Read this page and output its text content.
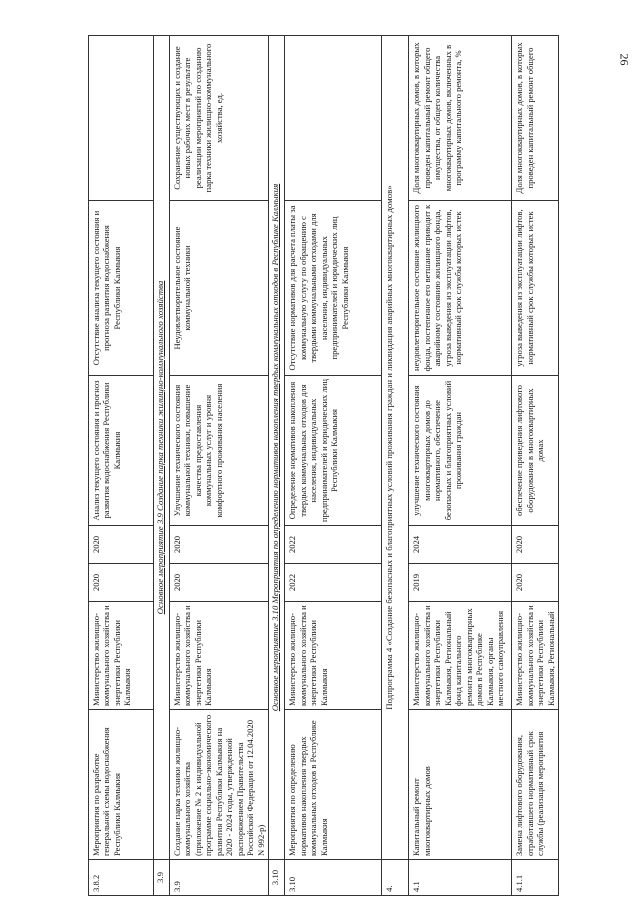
26
3.8.2	Мероприятия по разработке генеральной схемы водоснабжения Республики Калмыкия	Министерство жилищно-коммунального хозяйства и энергетики Республики Калмыкия	2020	2020	Анализ текущего состояния и прогноз развития водоснабжения Республики Калмыкия	Отсутствие анализа текущего состояния и прогноза развития водоснабжения Республики Калмыкия	
3.9	Основное мероприятие 3.9 Создание парка техники жилищно-коммунального хозяйства						
3.9	Создание парка техники жилищно-коммунального хозяйства (приложение № 2 к индивидуальной программе социально-экономического развития Республики Калмыкия на 2020 - 2024 годы, утвержденной распоряжением Правительства Российской Федерации от 12.04.2020 N 992-р)	Министерство жилищно-коммунального хозяйства и энергетики Республики Калмыкия	2020	2020	Улучшение технического состояния коммунальной техники, повышение качества предоставления коммунальных услуг и уровня комфортного проживания населения	Неудовлетворительное состояние коммунальной техники	Сохранение существующих и создание новых рабочих мест в результате реализации мероприятий по созданию парка техники жилищно-коммунального хозяйства, ед.
3.10	Основное мероприятие 3.10 Мероприятия по определению нормативов накопления твердых коммунальных отходов в Республике Калмыкия						
3.10	Мероприятия по определению нормативов накопления твердых коммунальных отходов в Республике Калмыкия	Министерство жилищно-коммунального хозяйства и энергетики Республики Калмыкия	2022	2022	Определение нормативов накопления твердых коммунальных отходов для населения, индивидуальных предпринимателей и юридических лиц Республики Калмыкия	Отсутствие нормативов для расчета платы за коммунальную услугу по обращению с твердыми коммунальными отходами для населения, индивидуальных предпринимателей и юридических лиц Республики Калмыкия	
4.	Подпрограмма 4 «Создание безопасных и благоприятных условий проживания граждан и ликвидация аварийных многоквартирных домов»						
4.1	Капитальный ремонт многоквартирных домов	Министерство жилищно-коммунального хозяйства и энергетики Республики Калмыкия, Региональный фонд капитального ремонта многоквартирных домов в Республике Калмыкия, органы местного самоуправления	2019	2024	улучшение технического состояния многоквартирных домов до нормативного, обеспечение безопасных и благоприятных условий проживания граждан	неудовлетворительное состояние жилищного фонда, постепенное его ветшание приводит к аварийному состоянию жилищного фонда, угроза выведения из эксплуатации лифтов, нормативный срок службы которых истек	Доля многоквартирных домов, в которых проведен капитальный ремонт общего имущества, от общего количества многоквартирных домов, включенных в программу капитального ремонта, %
4.1.1	Замена лифтового оборудования, отработавшего нормативный срок службы (реализация мероприятия	Министерство жилищно-коммунального хозяйства и энергетики Республики Калмыкия, Региональный	2020	2020	обеспечение приведения лифтового оборудования в многоквартирных домах	угроза выведения из эксплуатации лифтов, нормативный срок службы которых истек	Доля многоквартирных домов, в которых проведен капитальный ремонт общего
